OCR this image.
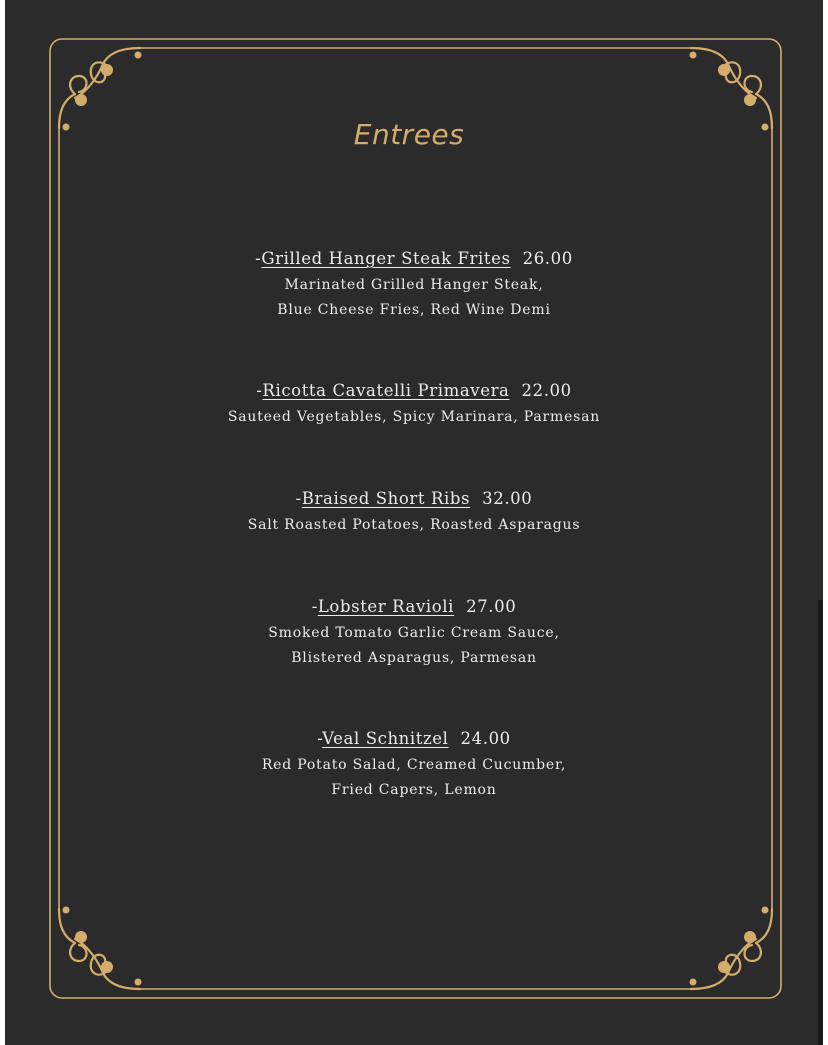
Entrees
-Grilled Hanger Steak Frites 26.00
Marinated Grilled Hanger Steak,
Blue Cheese Fries, Red Wine Demi
-Ricotta Cavatelli Primavera 22.00
Sauteed Vegetables, Spicy Marinara, Parmesan
-Braised Short Ribs 32.00
Salt Roasted Potatoes, Roasted Asparagus
-Lobster Ravioli 27.00
Smoked Tomato Garlic Cream Sauce,
Blistered Asparagus, Parmesan
-Veal Schnitzel 24.00
Red Potato Salad, Creamed Cucumber,
Fried Capers, Lemon
